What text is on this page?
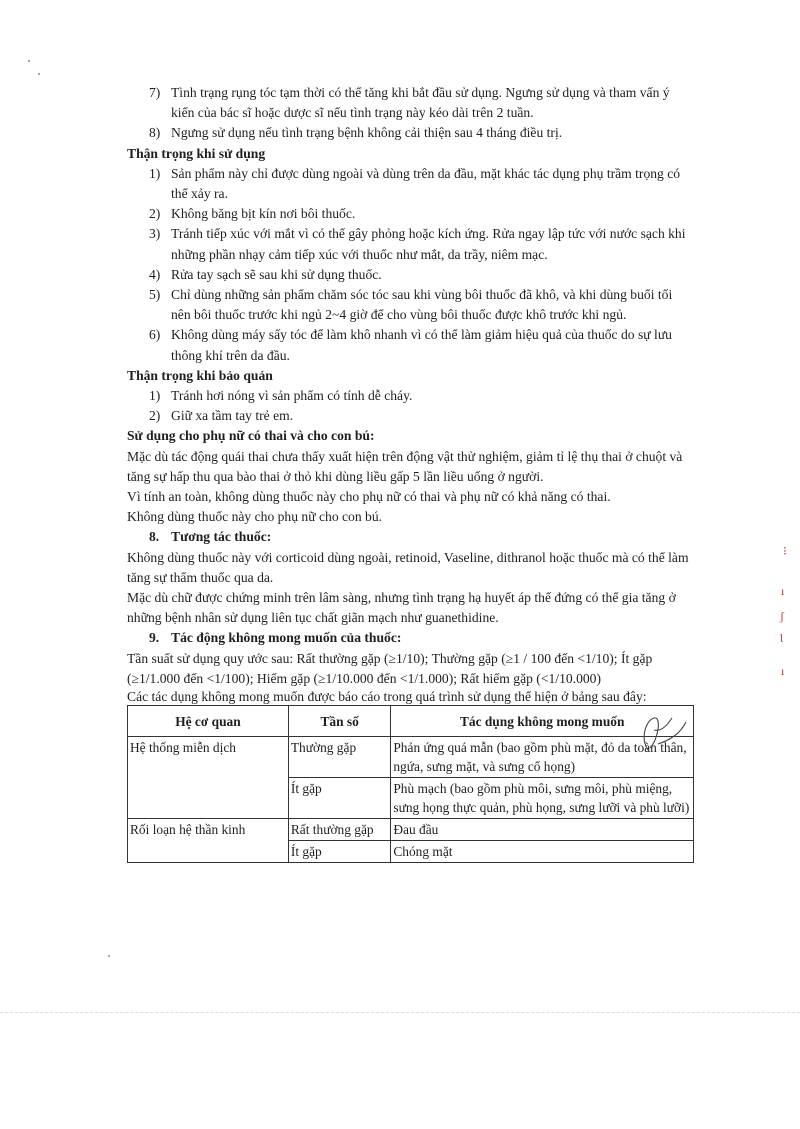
⁝
ı
ʃ
Ɩ
ı
7) Tình trạng rụng tóc tạm thời có thể tăng khi bắt đầu sử dụng. Ngưng sử dụng và tham vấn ý kiến của bác sĩ hoặc dược sĩ nếu tình trạng này kéo dài trên 2 tuần.
8) Ngưng sử dụng nếu tình trạng bệnh không cải thiện sau 4 tháng điều trị.

Thận trọng khi sử dụng

1) Sản phẩm này chỉ được dùng ngoài và dùng trên da đầu, mặt khác tác dụng phụ trầm trọng có thể xảy ra.
2) Không băng bịt kín nơi bôi thuốc.
3) Tránh tiếp xúc với mắt vì có thể gây phỏng hoặc kích ứng. Rửa ngay lập tức với nước sạch khi những phần nhạy cảm tiếp xúc với thuốc như mắt, da trầy, niêm mạc.
4) Rửa tay sạch sẽ sau khi sử dụng thuốc.
5) Chỉ dùng những sản phẩm chăm sóc tóc sau khi vùng bôi thuốc đã khô, và khi dùng buổi tối nên bôi thuốc trước khi ngủ 2~4 giờ để cho vùng bôi thuốc được khô trước khi ngủ.
6) Không dùng máy sấy tóc để làm khô nhanh vì có thể làm giảm hiệu quả của thuốc do sự lưu thông khí trên da đầu.

Thận trọng khi bảo quản

1) Tránh hơi nóng vì sản phẩm có tính dễ cháy.
2) Giữ xa tầm tay trẻ em.

Sử dụng cho phụ nữ có thai và cho con bú:

Mặc dù tác động quái thai chưa thấy xuất hiện trên động vật thử nghiệm, giảm tỉ lệ thụ thai ở chuột và tăng sự hấp thu qua bào thai ở thỏ khi dùng liều gấp 5 lần liều uống ở người.

Vì tính an toàn, không dùng thuốc này cho phụ nữ có thai và phụ nữ có khả năng có thai.

Không dùng thuốc này cho phụ nữ cho con bú.

8. Tương tác thuốc:

Không dùng thuốc này với corticoid dùng ngoài, retinoid, Vaseline, dithranol hoặc thuốc mà có thể làm tăng sự thẩm thuốc qua da.

Mặc dù chữ được chứng minh trên lâm sàng, nhưng tình trạng hạ huyết áp thế đứng có thể gia tăng ở những bệnh nhân sử dụng liên tục chất giãn mạch như guanethidine.

9. Tác động không mong muốn của thuốc:

Tần suất sử dụng quy ước sau: Rất thường gặp (≥1/10); Thường gặp (≥1 / 100 đến <1/10); Ít gặp (≥1/1.000 đến <1/100); Hiếm gặp (≥1/10.000 đến <1/1.000); Rất hiếm gặp (<1/10.000)

Các tác dụng không mong muốn được báo cáo trong quá trình sử dụng thể hiện ở bảng sau đây:

Hệ cơ quan	Tần số	Tác dụng không mong muốn
Hệ thống miễn dịch	Thường gặp	Phản ứng quá mẫn (bao gồm phù mặt, đỏ da toàn thân, ngứa, sưng mặt, và sưng cổ họng)
	Ít gặp	Phù mạch (bao gồm phù môi, sưng môi, phù miệng, sưng họng thực quản, phù họng, sưng lưỡi và phù lưỡi)
Rối loạn hệ thần kinh	Rất thường gặp	Đau đầu
	Ít gặp	Chóng mặt
